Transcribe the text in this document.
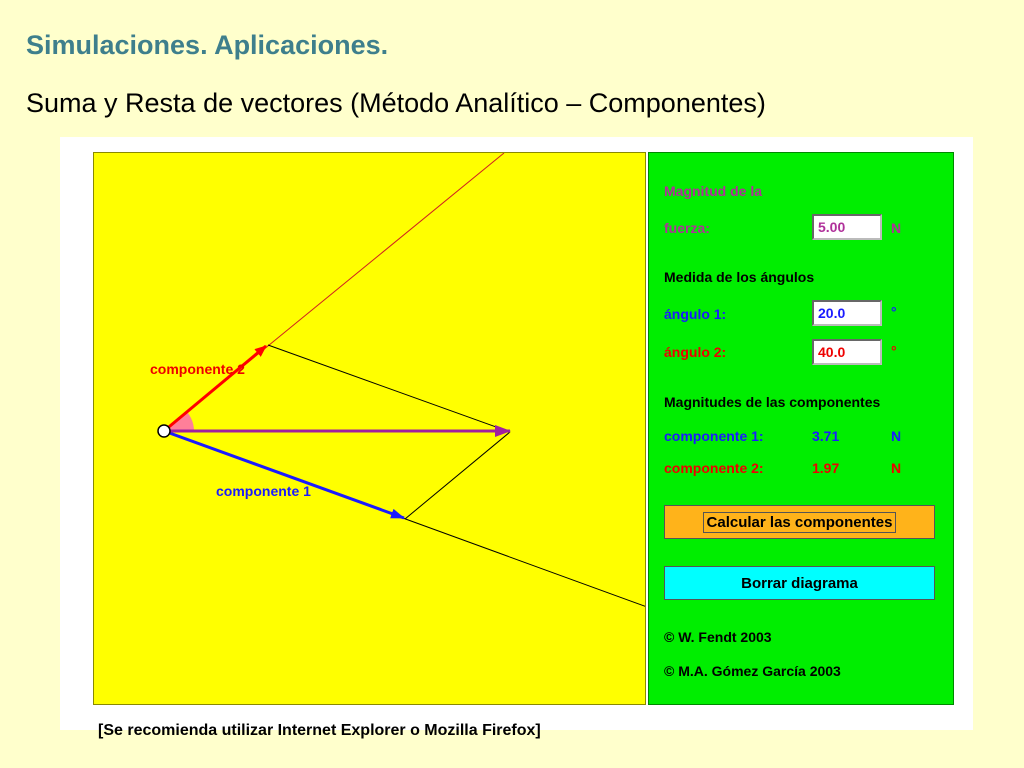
Simulaciones. Aplicaciones.
Suma y Resta de vectores (Método Analítico – Componentes)
componente 2
componente 1
Magnitud de la
fuerza:	5.00	N
Medida de los ángulos
ángulo 1:	20.0	°
ángulo 2:	40.0	°
Magnitudes de las componentes
componente 1:	3.71	N
componente 2:	1.97	N
Calcular las componentes
Borrar diagrama
© W. Fendt 2003
© M.A. Gómez García 2003
[Se recomienda utilizar Internet Explorer o Mozilla Firefox]
